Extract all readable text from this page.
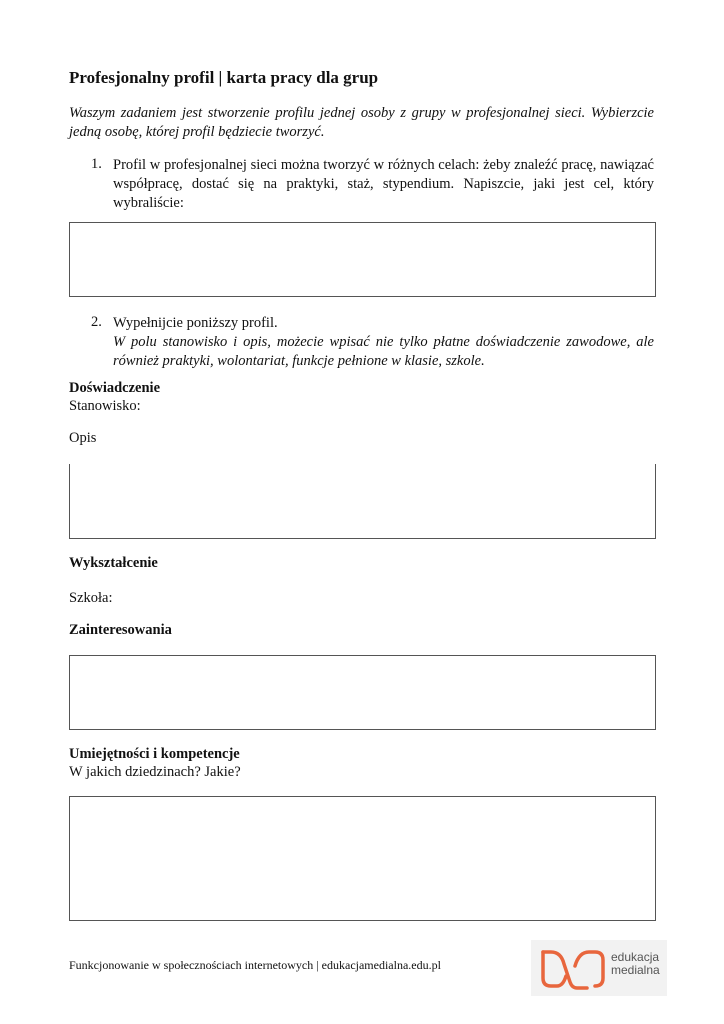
Profesjonalny profil | karta pracy dla grup
Waszym zadaniem jest stworzenie profilu jednej osoby z grupy w profesjonalnej sieci. Wybierzcie jedną osobę, której profil będziecie tworzyć.
1. Profil w profesjonalnej sieci można tworzyć w różnych celach: żeby znaleźć pracę, nawiązać współpracę, dostać się na praktyki, staż, stypendium. Napiszcie, jaki jest cel, który wybraliście:
2. Wypełnijcie poniższy profil.
W polu stanowisko i opis, możecie wpisać nie tylko płatne doświadczenie zawodowe, ale również praktyki, wolontariat, funkcje pełnione w klasie, szkole.
Doświadczenie
Stanowisko:
Opis
Wykształcenie
Szkoła:
Zainteresowania
Umiejętności i kompetencje
W jakich dziedzinach? Jakie?
Funkcjonowanie w społecznościach internetowych | edukacjamedialna.edu.pl
edukacja
medialna
